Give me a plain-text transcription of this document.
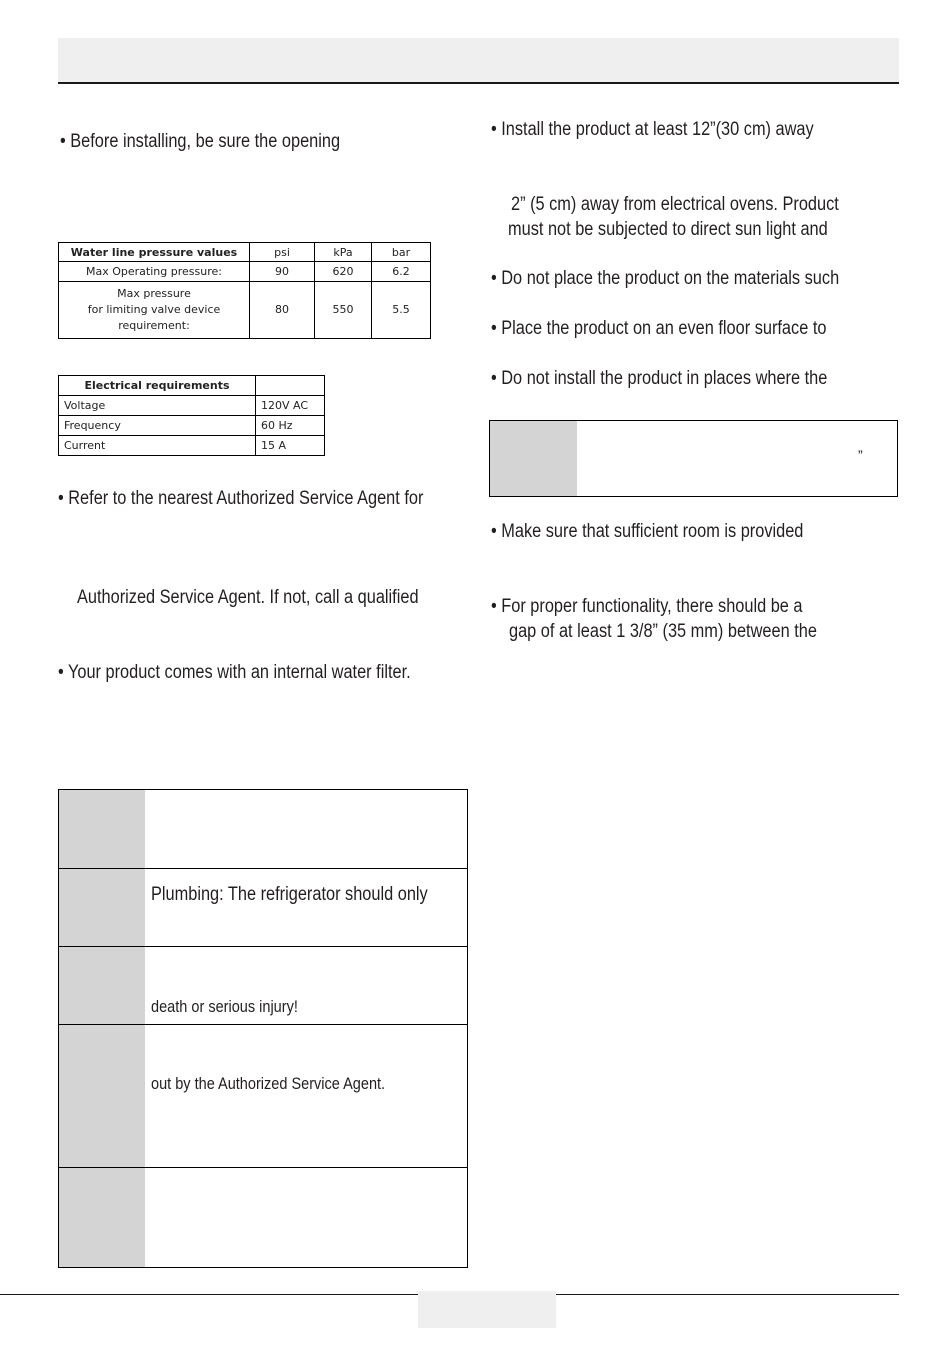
• Before installing, be sure the opening
Water line pressure values	psi	kPa	bar
Max Operating pressure:	90	620	6.2
Max pressure
for limiting valve device
requirement:	80	550	5.5
Electrical requirements	
Voltage	120V AC
Frequency	60 Hz
Current	15 A
• Refer to the nearest Authorized Service Agent for
Authorized Service Agent. If not, call a qualified
• Your product comes with an internal water filter.
Plumbing: The refrigerator should only
death or serious injury!
out by the Authorized Service Agent.
• Install the product at least 12”(30 cm) away
2” (5 cm) away from electrical ovens. Product
must not be subjected to direct sun light and
• Do not place the product on the materials such
• Place the product on an even floor surface to
• Do not install the product in places where the
”
• Make sure that sufficient room is provided
• For proper functionality, there should be a
gap of at least 1 3/8” (35 mm) between the
